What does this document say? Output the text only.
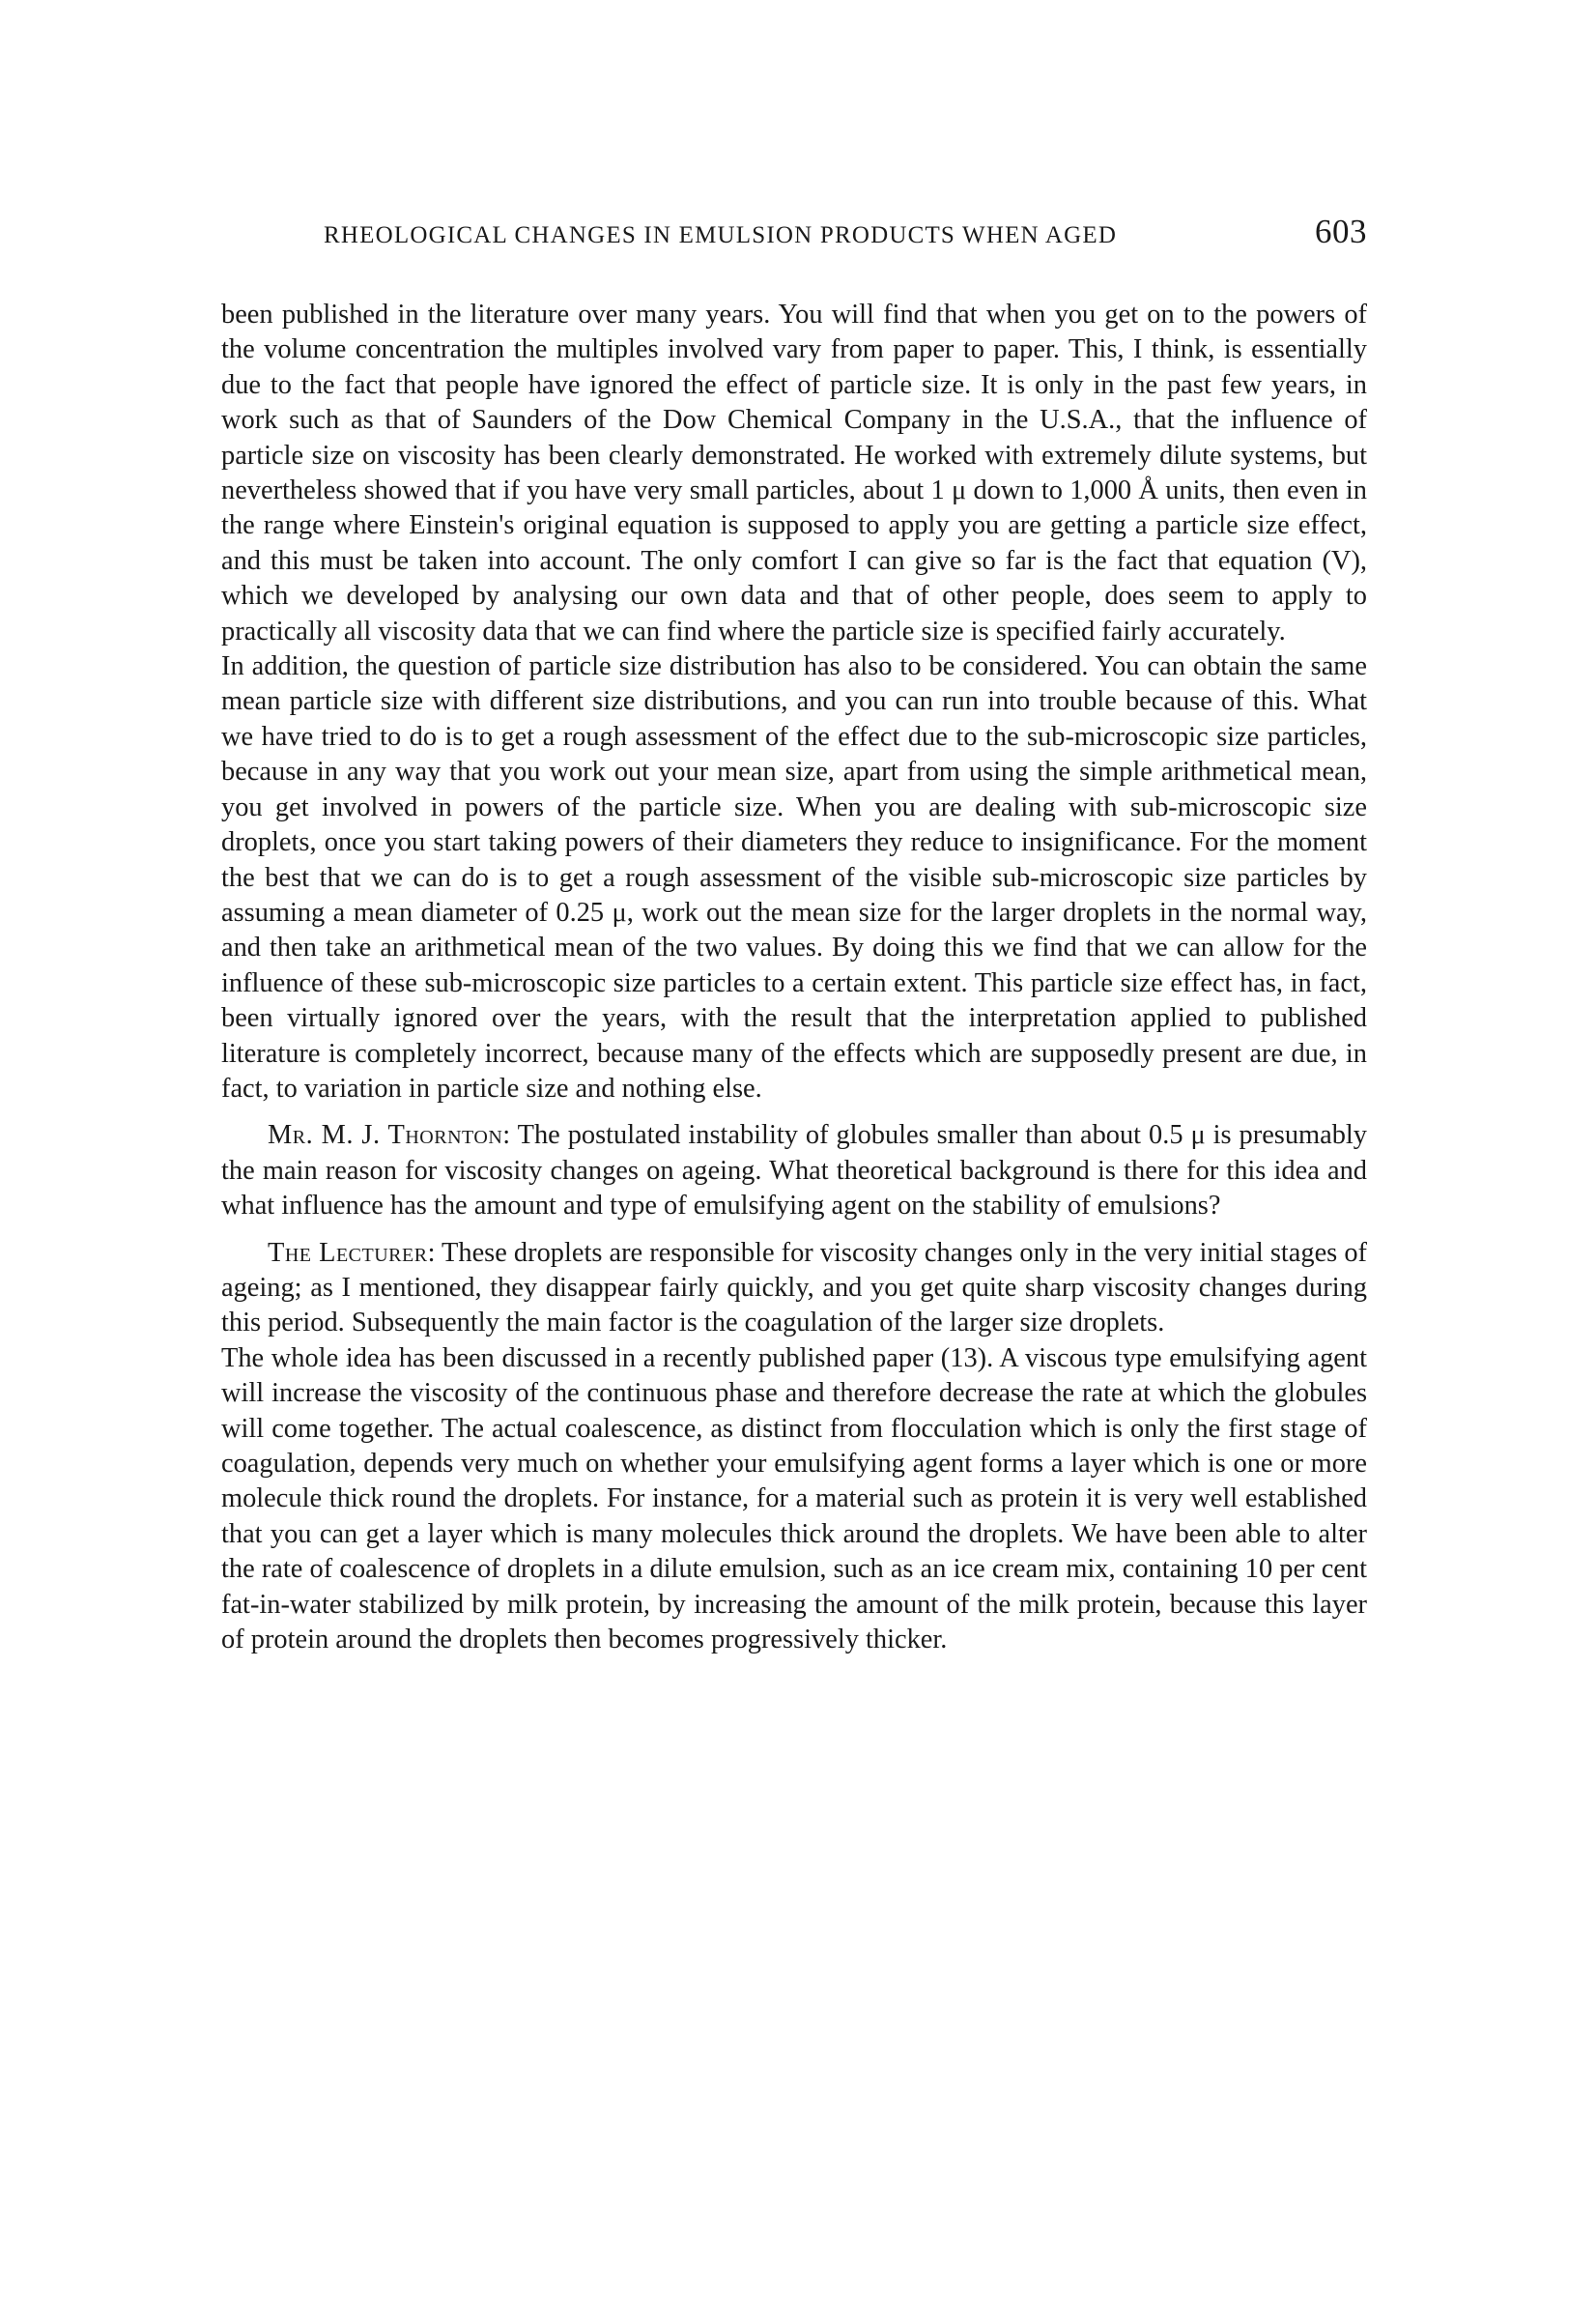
RHEOLOGICAL CHANGES IN EMULSION PRODUCTS WHEN AGED	603

been published in the literature over many years. You will find that when you get on to the powers of the volume concentration the multiples involved vary from paper to paper. This, I think, is essentially due to the fact that people have ignored the effect of particle size. It is only in the past few years, in work such as that of Saunders of the Dow Chemical Company in the U.S.A., that the influence of particle size on viscosity has been clearly demonstrated. He worked with extremely dilute systems, but nevertheless showed that if you have very small particles, about 1 μ down to 1,000 Å units, then even in the range where Einstein's original equation is supposed to apply you are getting a particle size effect, and this must be taken into account. The only comfort I can give so far is the fact that equation (V), which we developed by analysing our own data and that of other people, does seem to apply to practically all viscosity data that we can find where the particle size is specified fairly accurately.

In addition, the question of particle size distribution has also to be considered. You can obtain the same mean particle size with different size distributions, and you can run into trouble because of this. What we have tried to do is to get a rough assessment of the effect due to the sub-microscopic size particles, because in any way that you work out your mean size, apart from using the simple arithmetical mean, you get involved in powers of the particle size. When you are dealing with sub-microscopic size droplets, once you start taking powers of their diameters they reduce to insignificance. For the moment the best that we can do is to get a rough assessment of the visible sub-microscopic size particles by assuming a mean diameter of 0.25 μ, work out the mean size for the larger droplets in the normal way, and then take an arithmetical mean of the two values. By doing this we find that we can allow for the influence of these sub-microscopic size particles to a certain extent. This particle size effect has, in fact, been virtually ignored over the years, with the result that the interpretation applied to published literature is completely incorrect, because many of the effects which are supposedly present are due, in fact, to variation in particle size and nothing else.

Mr. M. J. Thornton: The postulated instability of globules smaller than about 0.5 μ is presumably the main reason for viscosity changes on ageing. What theoretical background is there for this idea and what influence has the amount and type of emulsifying agent on the stability of emulsions?

The Lecturer: These droplets are responsible for viscosity changes only in the very initial stages of ageing; as I mentioned, they disappear fairly quickly, and you get quite sharp viscosity changes during this period. Subsequently the main factor is the coagulation of the larger size droplets.

The whole idea has been discussed in a recently published paper (13). A viscous type emulsifying agent will increase the viscosity of the continuous phase and therefore decrease the rate at which the globules will come together. The actual coalescence, as distinct from flocculation which is only the first stage of coagulation, depends very much on whether your emulsifying agent forms a layer which is one or more molecule thick round the droplets. For instance, for a material such as protein it is very well established that you can get a layer which is many molecules thick around the droplets. We have been able to alter the rate of coalescence of droplets in a dilute emulsion, such as an ice cream mix, containing 10 per cent fat-in-water stabilized by milk protein, by increasing the amount of the milk protein, because this layer of protein around the droplets then becomes progressively thicker.
